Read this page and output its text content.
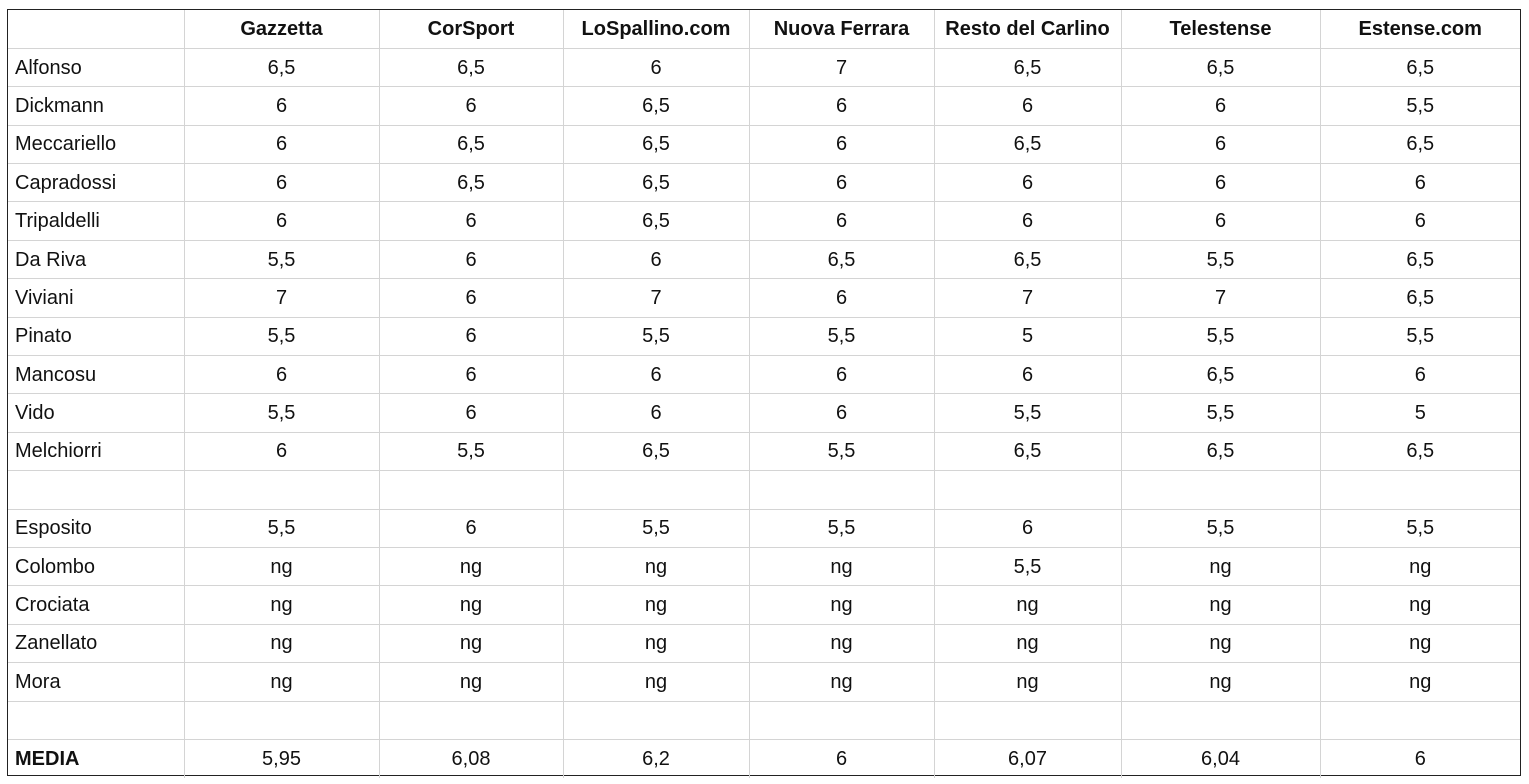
	Gazzetta	CorSport	LoSpallino.com	Nuova Ferrara	Resto del Carlino	Telestense	Estense.com
Alfonso	6,5	6,5	6	7	6,5	6,5	6,5
Dickmann	6	6	6,5	6	6	6	5,5
Meccariello	6	6,5	6,5	6	6,5	6	6,5
Capradossi	6	6,5	6,5	6	6	6	6
Tripaldelli	6	6	6,5	6	6	6	6
Da Riva	5,5	6	6	6,5	6,5	5,5	6,5
Viviani	7	6	7	6	7	7	6,5
Pinato	5,5	6	5,5	5,5	5	5,5	5,5
Mancosu	6	6	6	6	6	6,5	6
Vido	5,5	6	6	6	5,5	5,5	5
Melchiorri	6	5,5	6,5	5,5	6,5	6,5	6,5

Esposito	5,5	6	5,5	5,5	6	5,5	5,5
Colombo	ng	ng	ng	ng	5,5	ng	ng
Crociata	ng	ng	ng	ng	ng	ng	ng
Zanellato	ng	ng	ng	ng	ng	ng	ng
Mora	ng	ng	ng	ng	ng	ng	ng

MEDIA	5,95	6,08	6,2	6	6,07	6,04	6
